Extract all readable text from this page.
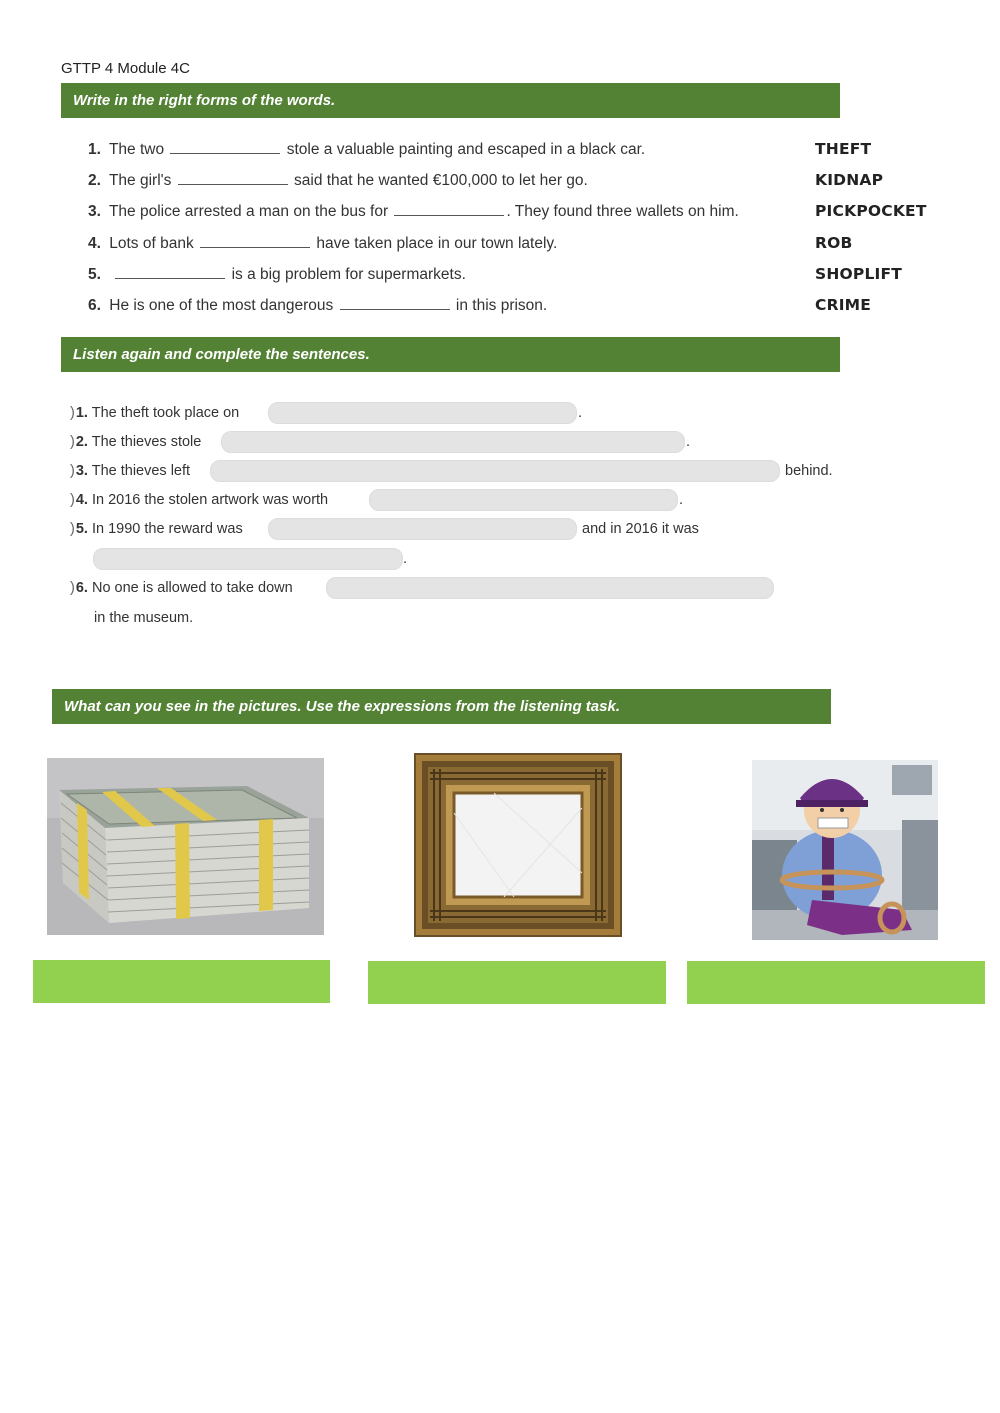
GTTP 4 Module 4C
Write in the right forms of the words.
1. The two	stole a valuable painting and escaped in a black car.	THEFT
2. The girl's	said that he wanted €100,000 to let her go.	KIDNAP
3. The police arrested a man on the bus for	. They found three wallets on him.	PICKPOCKET
4. Lots of bank	have taken place in our town lately.	ROB
5.	is a big problem for supermarkets.	SHOPLIFT
6. He is one of the most dangerous	in this prison.	CRIME
Listen again and complete the sentences.
)1. The theft took place on	.
)2. The thieves stole	.
)3. The thieves left	behind.
)4. In 2016 the stolen artwork was worth	.
)5. In 1990 the reward was	and in 2016 it was
.
)6. No one is allowed to take down
in the museum.
What can you see in the pictures. Use the expressions from the listening task.
